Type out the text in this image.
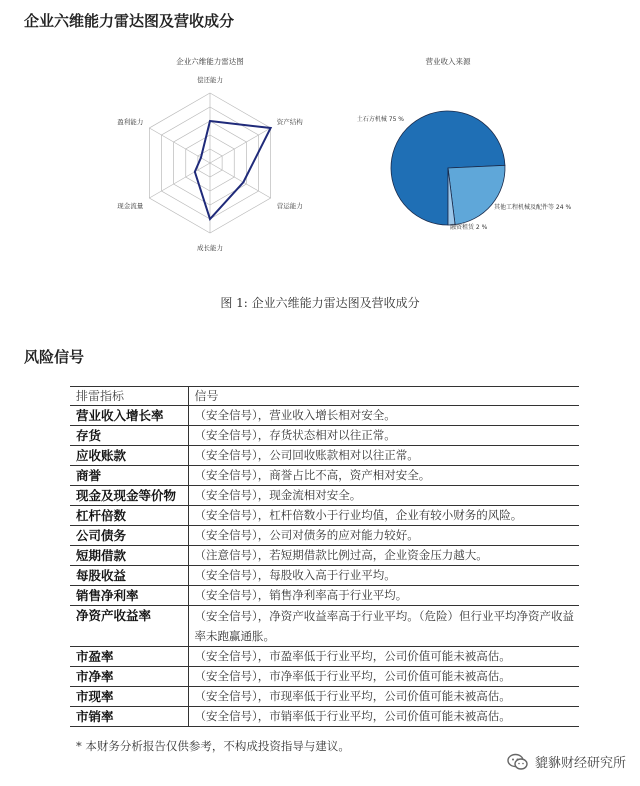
企业六维能力雷达图及营收成分
企业六维能力雷达图
偿还能力
资产结构
营运能力
成长能力
现金流量
盈利能力
营业收入来源
土石方机械 75 %
其他工程机械及配件等 24 %
融资租赁 2 %
图 1: 企业六维能力雷达图及营收成分
风险信号
排雷指标	信号
营业收入增长率	（安全信号），营业收入增长相对安全。
存货	（安全信号），存货状态相对以往正常。
应收账款	（安全信号），公司回收账款相对以往正常。
商誉	（安全信号），商誉占比不高，资产相对安全。
现金及现金等价物	（安全信号），现金流相对安全。
杠杆倍数	（安全信号），杠杆倍数小于行业均值，企业有较小财务的风险。
公司债务	（安全信号），公司对债务的应对能力较好。
短期借款	（注意信号），若短期借款比例过高，企业资金压力越大。
每股收益	（安全信号），每股收入高于行业平均。
销售净利率	（安全信号），销售净利率高于行业平均。
净资产收益率	（安全信号），净资产收益率高于行业平均。（危险）但行业平均净资产收益率未跑赢通胀。
市盈率	（安全信号），市盈率低于行业平均，公司价值可能未被高估。
市净率	（安全信号），市净率低于行业平均，公司价值可能未被高估。
市现率	（安全信号），市现率低于行业平均，公司价值可能未被高估。
市销率	（安全信号），市销率低于行业平均，公司价值可能未被高估。
* 本财务分析报告仅供参考，不构成投资指导与建议。
貔貅财经研究所
